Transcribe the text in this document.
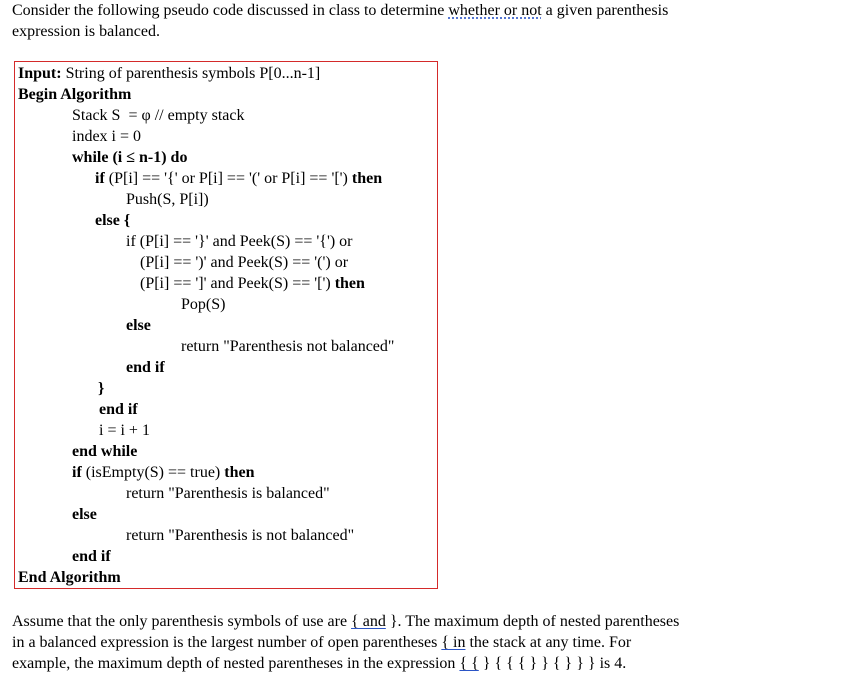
Consider the following pseudo code discussed in class to determine whether or not a given parenthesis
expression is balanced.
Input: String of parenthesis symbols P[0...n-1]
Begin Algorithm
Stack S  = φ // empty stack
index i = 0
while (i ≤ n-1) do
if (P[i] == '{' or P[i] == '(' or P[i] == '[') then
Push(S, P[i])
else {
if (P[i] == '}' and Peek(S) == '{') or
(P[i] == ')' and Peek(S) == '(') or
(P[i] == ']' and Peek(S) == '[') then
Pop(S)
else
return "Parenthesis not balanced"
end if
}
end if
i = i + 1
end while
if (isEmpty(S) == true) then
return "Parenthesis is balanced"
else
return "Parenthesis is not balanced"
end if
End Algorithm
Assume that the only parenthesis symbols of use are { and }. The maximum depth of nested parentheses
in a balanced expression is the largest number of open parentheses { in the stack at any time. For
example, the maximum depth of nested parentheses in the expression { { } { { { } } { } } } is 4.
